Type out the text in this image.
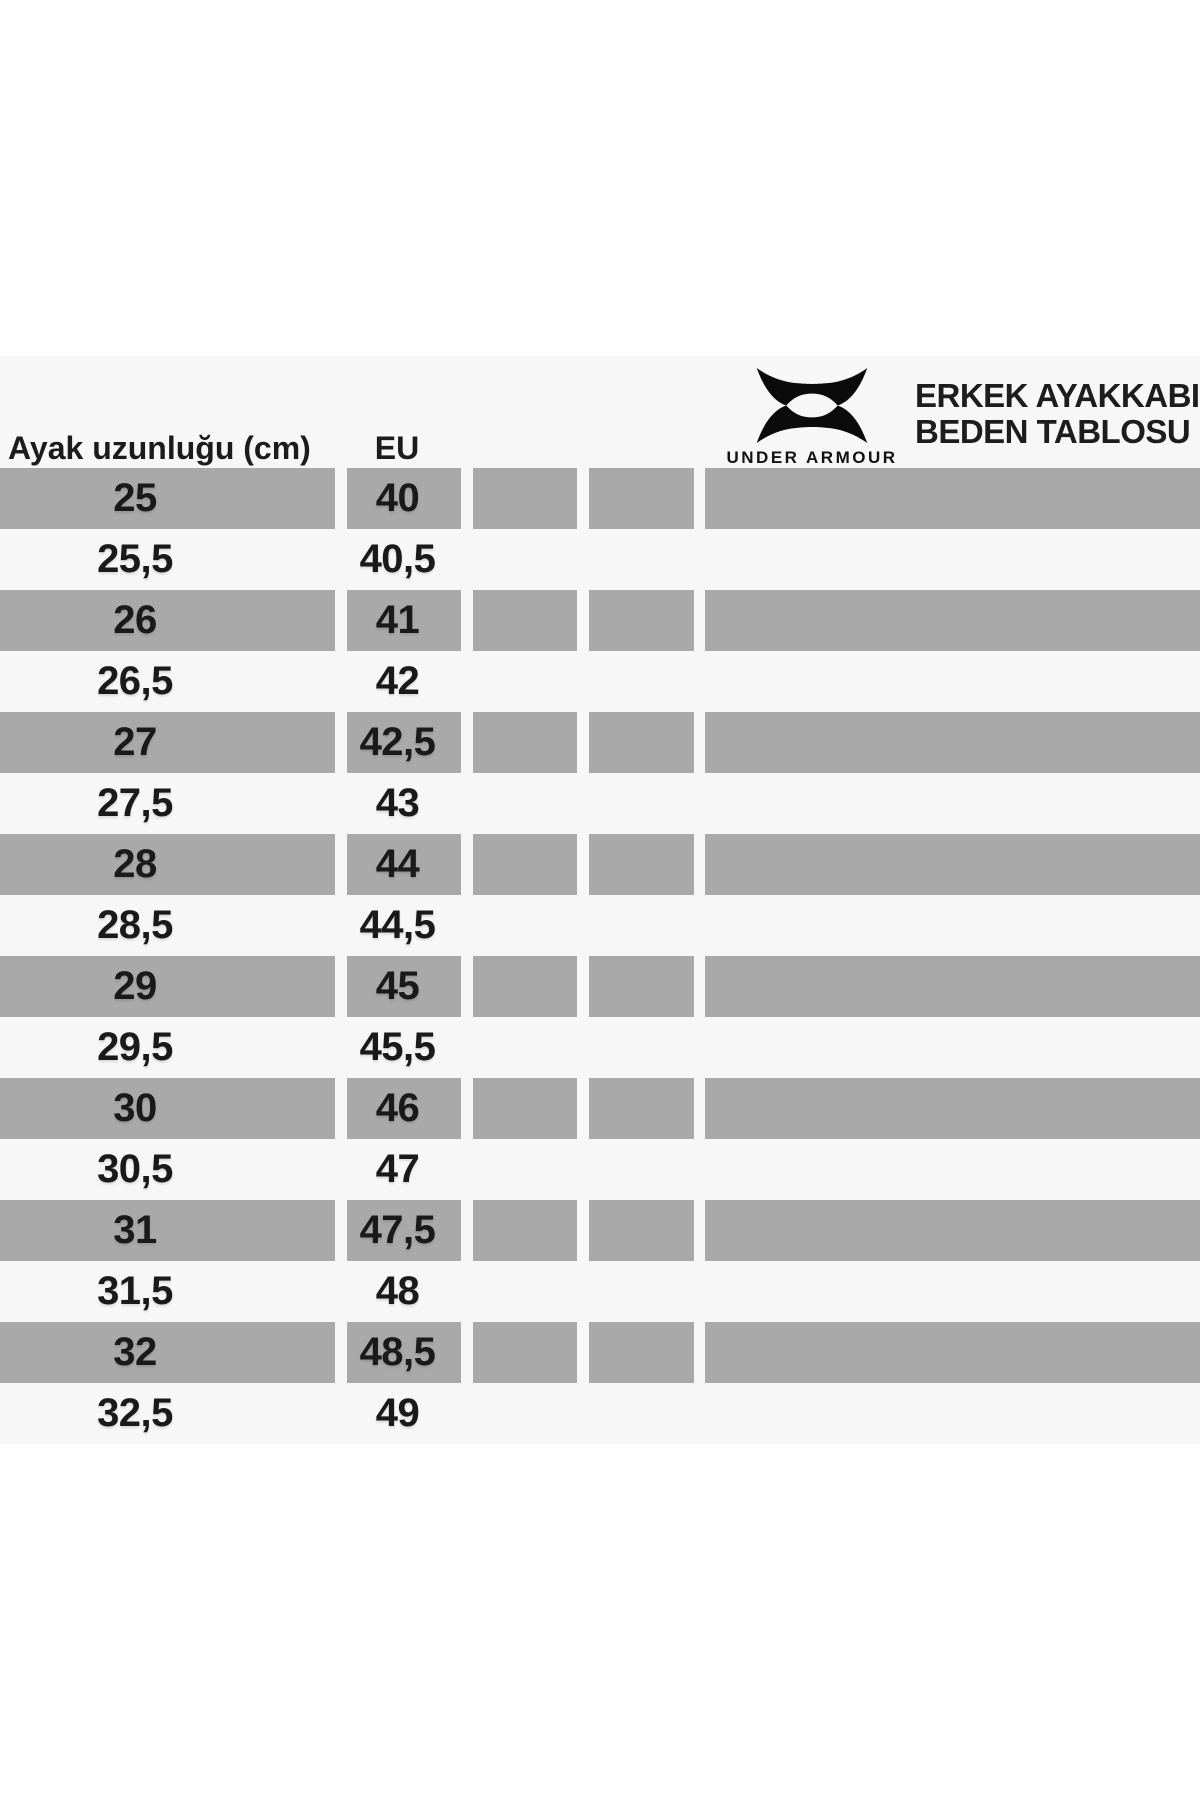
UNDER ARMOUR
ERKEK AYAKKABI
BEDEN TABLOSU
Ayak uzunluğu (cm)	EU
25	40
25,5	40,5
26	41
26,5	42
27	42,5
27,5	43
28	44
28,5	44,5
29	45
29,5	45,5
30	46
30,5	47
31	47,5
31,5	48
32	48,5
32,5	49
